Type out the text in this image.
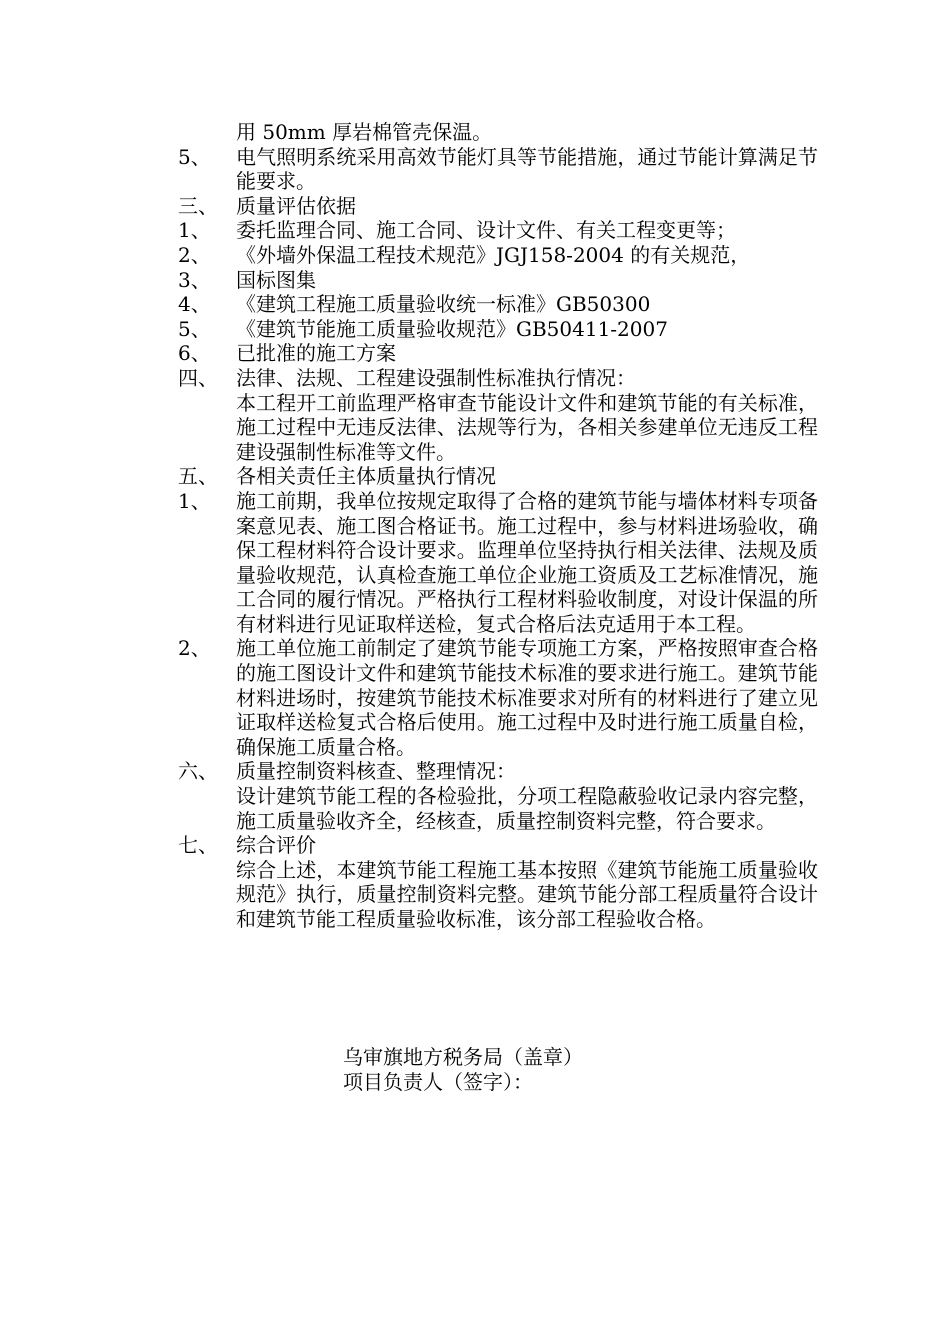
用 50mm 厚岩棉管壳保温。
5、	电气照明系统采用高效节能灯具等节能措施，通过节能计算满足节能要求。
三、 质量评估依据
1、	委托监理合同、施工合同、设计文件、有关工程变更等；
2、	《外墙外保温工程技术规范》JGJ158-2004 的有关规范，
3、	国标图集
4、	《建筑工程施工质量验收统一标准》GB50300
5、	《建筑节能施工质量验收规范》GB50411-2007
6、	已批准的施工方案
四、 法律、法规、工程建设强制性标准执行情况：
本工程开工前监理严格审查节能设计文件和建筑节能的有关标准，施工过程中无违反法律、法规等行为，各相关参建单位无违反工程建设强制性标准等文件。
五、 各相关责任主体质量执行情况
1、	施工前期，我单位按规定取得了合格的建筑节能与墙体材料专项备案意见表、施工图合格证书。施工过程中，参与材料进场验收，确保工程材料符合设计要求。监理单位坚持执行相关法律、法规及质量验收规范，认真检查施工单位企业施工资质及工艺标准情况，施工合同的履行情况。严格执行工程材料验收制度，对设计保温的所有材料进行见证取样送检，复式合格后法克适用于本工程。
2、	施工单位施工前制定了建筑节能专项施工方案，严格按照审查合格的施工图设计文件和建筑节能技术标准的要求进行施工。建筑节能材料进场时，按建筑节能技术标准要求对所有的材料进行了建立见证取样送检复式合格后使用。施工过程中及时进行施工质量自检，确保施工质量合格。
六、 质量控制资料核查、整理情况：
设计建筑节能工程的各检验批，分项工程隐蔽验收记录内容完整，施工质量验收齐全，经核查，质量控制资料完整，符合要求。
七、 综合评价
综合上述，本建筑节能工程施工基本按照《建筑节能施工质量验收规范》执行，质量控制资料完整。建筑节能分部工程质量符合设计和建筑节能工程质量验收标准，该分部工程验收合格。
乌审旗地方税务局（盖章）
项目负责人（签字）：
